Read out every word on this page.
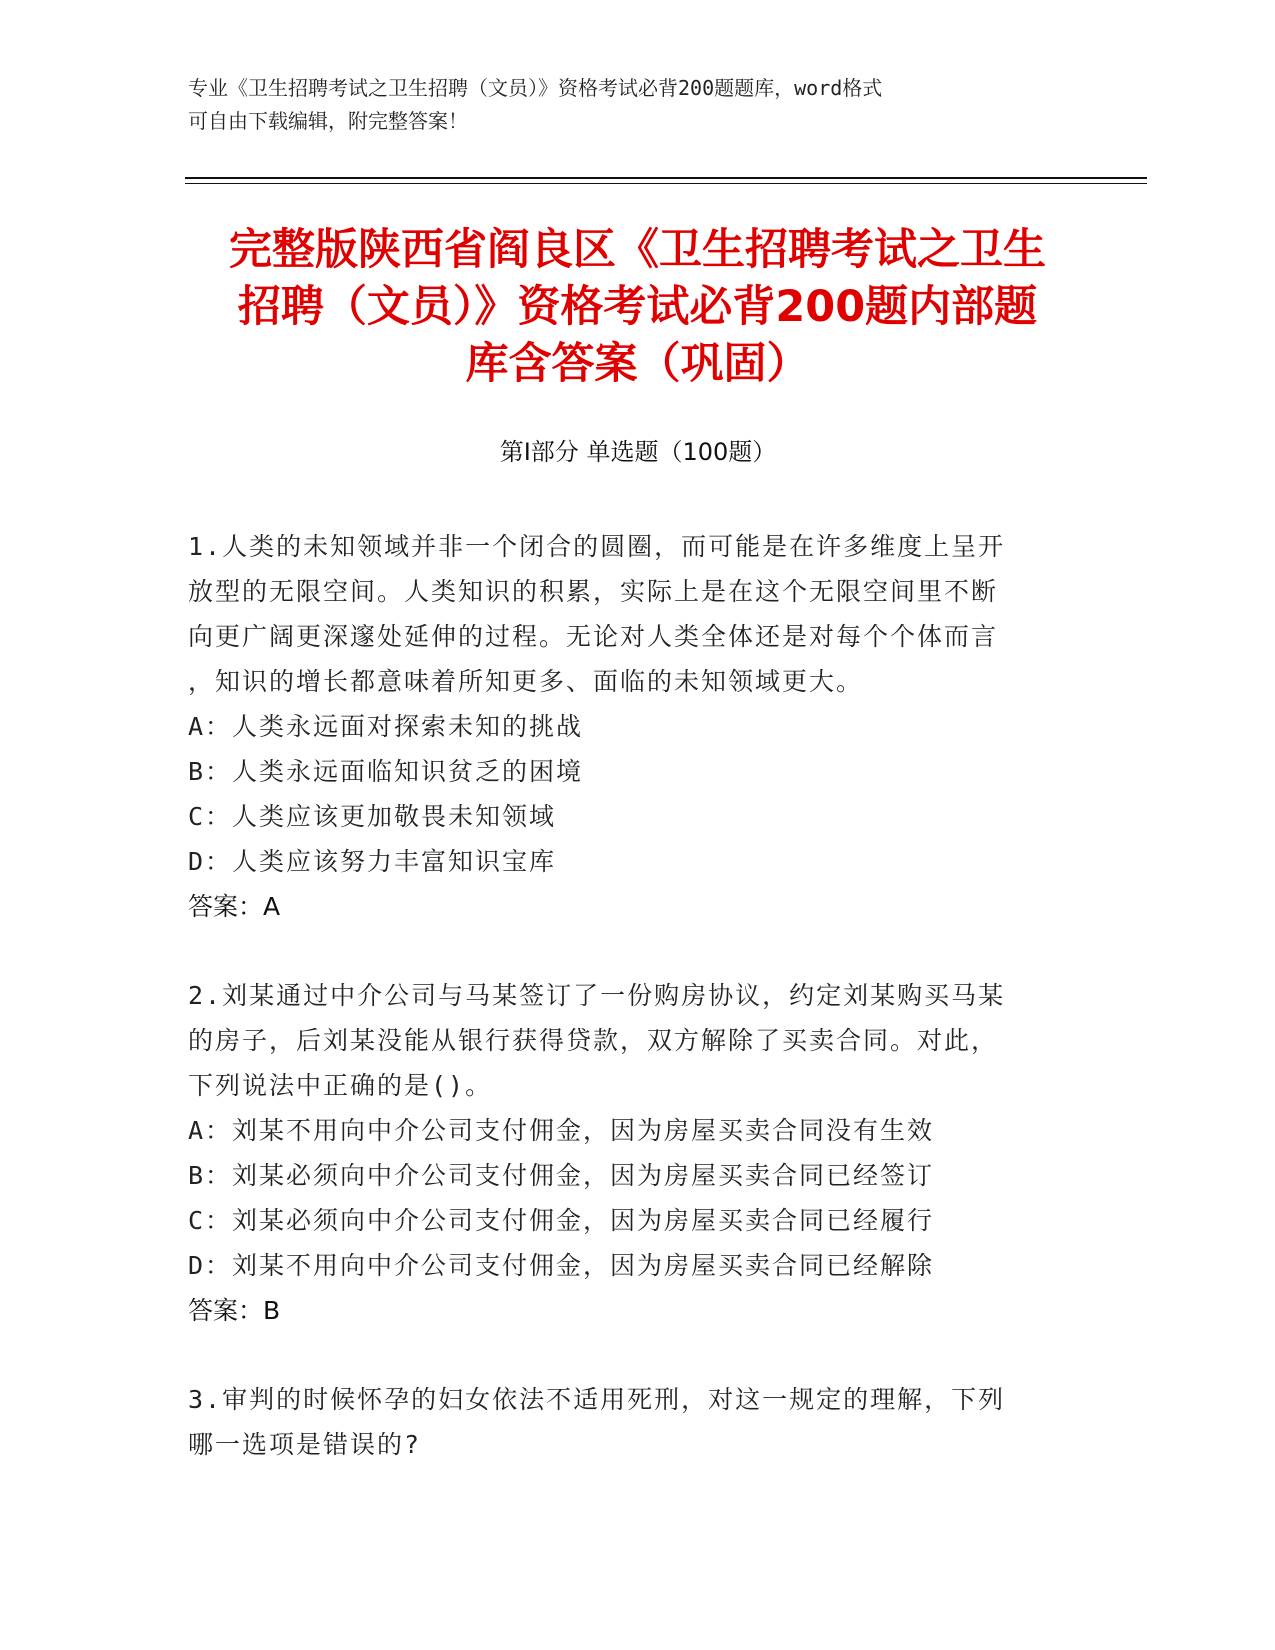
专业《卫生招聘考试之卫生招聘（文员）》资格考试必背200题题库，word格式
可自由下载编辑，附完整答案！
完整版陕西省阎良区《卫生招聘考试之卫生
招聘（文员）》资格考试必背200题内部题
库含答案（巩固）
第Ⅰ部分 单选题（100题）
1.人类的未知领域并非一个闭合的圆圈，而可能是在许多维度上呈开
放型的无限空间。人类知识的积累，实际上是在这个无限空间里不断
向更广阔更深邃处延伸的过程。无论对人类全体还是对每个个体而言
，知识的增长都意味着所知更多、面临的未知领域更大。
A：人类永远面对探索未知的挑战
B：人类永远面临知识贫乏的困境
C：人类应该更加敬畏未知领域
D：人类应该努力丰富知识宝库
答案：A
2.刘某通过中介公司与马某签订了一份购房协议，约定刘某购买马某
的房子，后刘某没能从银行获得贷款，双方解除了买卖合同。对此，
下列说法中正确的是()。
A：刘某不用向中介公司支付佣金，因为房屋买卖合同没有生效
B：刘某必须向中介公司支付佣金，因为房屋买卖合同已经签订
C：刘某必须向中介公司支付佣金，因为房屋买卖合同已经履行
D：刘某不用向中介公司支付佣金，因为房屋买卖合同已经解除
答案：B
3.审判的时候怀孕的妇女依法不适用死刑，对这一规定的理解，下列
哪一选项是错误的?
